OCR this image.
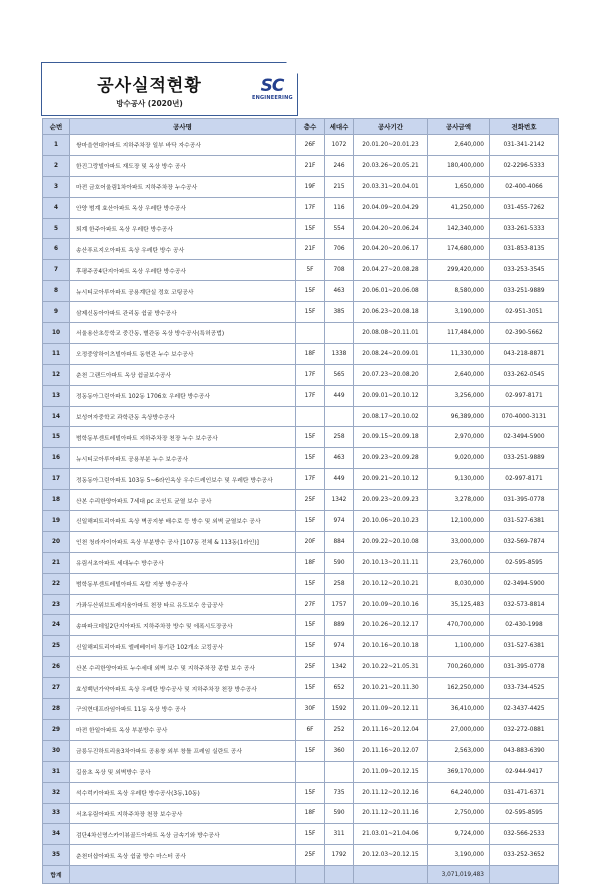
공사실적현황
방수공사 (2020년)
SC
ENGINEERING
순번	공사명	층수	세대수	공사기간	공사금액	전화번호
1	쌍마을현대아파트 지하주차장 일부 바닥 자수공사	26F	1072	20.01.20~20.01.23	2,640,000	031-341-2142
2	한진그랑빌아파트 재도장 및 옥상 방수 공사	21F	246	20.03.26~20.05.21	180,400,000	02-2296-5333
3	마전 금호어울림1차아파트 지하주차장 누수공사	19F	215	20.03.31~20.04.01	1,650,000	02-400-4066
4	안양 범계 효산아파트 옥상 우레탄 방수공사	17F	116	20.04.09~20.04.29	41,250,000	031-455-7262
5	퇴계 한주아파트 옥상 우레탄 방수공사	15F	554	20.04.20~20.06.24	142,340,000	033-261-5333
6	송산푸르지오아파트 옥상 우레탄 방수 공사	21F	706	20.04.20~20.06.17	174,680,000	031-853-8135
7	후평주공4단지아파트 옥상 우레탄 방수공사	5F	708	20.04.27~20.08.28	299,420,000	033-253-3545
8	뉴시티코아루아파트 공용계단실 정호 코팅공사	15F	463	20.06.01~20.06.08	8,580,000	033-251-9889
9	삼제신동아아파트 관리동 쉼굴 방수공사	15F	385	20.06.23~20.08.18	3,190,000	02-951-3051
10	서울용산초등학교 중간동, 별관동 옥상 방수공사(특허공법)			20.08.08~20.11.01	117,484,000	02-390-5662
11	오정중앙하이츠빌아파트 동현관 누수 보수공사	18F	1338	20.08.24~20.09.01	11,330,000	043-218-8871
12	춘천 그랜드아파트 옥상 쉼굴보수공사	17F	565	20.07.23~20.08.20	2,640,000	033-262-0545
13	정동동아그린아파트 102동 1706호 우레탄 방수공사	17F	449	20.09.01~20.10.12	3,256,000	02-997-8171
14	보성여자중학교 과학관동 옥상방수공사			20.08.17~20.10.02	96,389,000	070-4000-3131
15	범학동부센트레빌아파트 지하주차장 천장 누수 보수공사	15F	258	20.09.15~20.09.18	2,970,000	02-3494-5900
16	뉴시티코아루아파트 공용부분 누수 보수공사	15F	463	20.09.23~20.09.28	9,020,000	033-251-9889
17	정동동아그린아파트 103동 5~6라인옥상 우수드레인보수 및 우레탄 방수공사	17F	449	20.09.21~20.10.12	9,130,000	02-997-8171
18	산본 수리한양아파트 7세대 pc 조인트 균열 보수 공사	25F	1342	20.09.23~20.09.23	3,278,000	031-395-0778
19	신일해피트리아파트 옥상 벽공지붕 배수로 등 방수 및 외벽 균열보수 공사	15F	974	20.10.06~20.10.23	12,100,000	031-527-6381
20	인천 청라자이아파트 옥상 부분방수 공사 [107동 전체 & 113동(1라인)]	20F	884	20.09.22~20.10.08	33,000,000	032-569-7874
21	유림서초아파트 세대누수 방수공사	18F	590	20.10.13~20.11.11	23,760,000	02-595-8595
22	범학동부센트레빌아파트 옥탑 지붕 방수공사	15F	258	20.10.12~20.10.21	8,030,000	02-3494-5900
23	가좌두산위브트레지움아파트 천장 타르 유도보수 응급공사	27F	1757	20.10.09~20.10.16	35,125,483	032-573-8814
24	송파파크데일2단지아파트 지하주차장 방수 및 에폭시도장공사	15F	889	20.10.26~20.12.17	470,700,000	02-430-1998
25	신일해피트리아파트 엘레베이터 통기관 102개소 코킹공사	15F	974	20.10.16~20.10.18	1,100,000	031-527-6381
26	산본 수리한양아파트 누수세대 외벽 보수 및 지하주차장 종합 보수 공사	25F	1342	20.10.22~21.05.31	700,260,000	031-395-0778
27	효성백년가약아파트 옥상 우레탄 방수공사 및 지하주차장 천장 방수공사	15F	652	20.10.21~20.11.30	162,250,000	033-734-4525
28	구의현대프라임아파트 11동 옥상 방수 공사	30F	1592	20.11.09~20.12.11	36,410,000	02-3437-4425
29	마전 한일아파트 옥상 부분방수 공사	6F	252	20.11.16~20.12.04	27,000,000	032-272-0881
30	금릉두진하트리움3차아파트 공용창 외부 창틀 프레임 실란트 공사	15F	360	20.11.16~20.12.07	2,563,000	043-883-6390
31	길음초 옥상 및 외벽방수 공사			20.11.09~20.12.15	369,170,000	02-944-9417
32	석수럭키아파트 옥상 우레탄 방수공사(3동,10동)	15F	735	20.11.12~20.12.16	64,240,000	031-471-6371
33	서초유림아파트 지하주차장 천장 보수공사	18F	590	20.11.12~20.11.16	2,750,000	02-595-8595
34	검단4차신명스카이뷰골드아파트 옥상 금속기와 방수공사	15F	311	21.03.01~21.04.06	9,724,000	032-566-2533
35	춘천더샵아파트 옥상 쉼굴 방수 마스터 공사	25F	1792	20.12.03~20.12.15	3,190,000	033-252-3652
합계					3,071,019,483	
